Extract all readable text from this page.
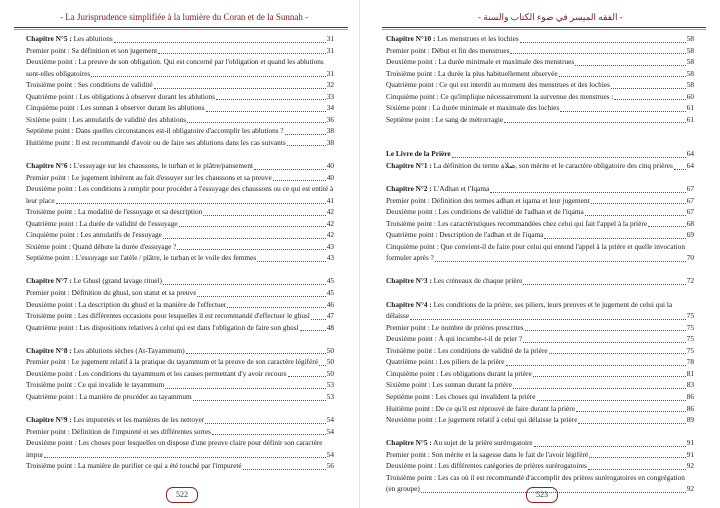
- La Jurisprudence simplifiée à la lumière du Coran et de la Sunnah -
Chapitre N°5 : Les ablutions	31
Premier point : Sa définition et son jugement	31
Deuxième point : La preuve de son obligation. Qui est concerné par l'obligation et quand les ablutions
sont-elles obligatoires	31
Troisième point : Ses conditions de validité	32
Quatrième point : Les obligations à observer durant les ablutions	33
Cinquième point : Les sunnan à observer durant les ablutions	34
Sixième point : Les annulatifs de validité des ablutions	36
Septième point : Dans quelles circonstances est-il obligatoire d'accomplir les ablutions ?	38
Huitième point : Il est recommandé d'avoir ou de faire ses ablutions dans les cas suivants	38
Chapitre N°6 : L'essuyage sur les chaussons, le turban et le plâtre/pansement	40
Premier point : Le jugement inhérent au fait d'essuyer sur les chaussons et sa preuve	40
Deuxième point : Les conditions à remplir pour procéder à l'essuyage des chaussons ou ce qui est entité à
leur place	41
Troisième point : La modalité de l'essuyage et sa description	42
Quatrième point : La durée de validité de l'essuyage	42
Cinquième point : Les annulatifs de l'essuyage	42
Sixième point : Quand débute la durée d'essuyage ?	43
Septième point : L'essuyage sur l'atèle / plâtre, le turban et le voile des femmes	43
Chapitre N°7 : Le Ghusl (grand lavage rituel)	45
Premier point : Définition du ghusl, son statut et sa preuve	45
Deuxième point : La description du ghusl et la manière de l'effectuer	46
Troisième point : Les différentes occasions pour lesquelles il est recommandé d'effectuer le ghusl 47
Quatrième point : Les dispositions relatives à celui qui est dans l'obligation de faire son ghusl	48
Chapitre N°8 : Les ablutions sèches (At-Tayammum)	50
Premier point : Le jugement relatif à la pratique du tayammum et la preuve de son caractère légiféré 50
Deuxième point : Les conditions du tayammum et les causes permettant d'y avoir recours	50
Troisième point : Ce qui invalide le tayammum	53
Quatrième point : La manière de procéder au tayammum	53
Chapitre N°9 : Les impuretés et les manières de les nettoyer	54
Premier point : Définition de l'impureté et ses différentes sortes	54
Deuxième point : Les choses pour lesquelles on dispose d'une preuve claire pour définir son caractère
impur	54
Troisième point : La manière de purifier ce qui a été touché par l'impureté	56
522
- الفقه الميسر في ضوء الكتاب والسنة -
Chapitre N°10 : Les menstrues et les lochies	58
Premier point : Début et fin des menstrues	58
Deuxième point : La durée minimale et maximale des menstrues	58
Troisième point : La durée la plus habituellement observée	58
Quatrième point : Ce qui est interdit au moment des menstrues et des lochies	58
Cinquième point : Ce qu'implique nécessairement la survenue des menstrues :	60
Sixième point : La durée minimale et maximale des lochies	61
Septième point : Le sang de métrorragie	61
Le Livre de la Prière	64
Chapitre N°1 : La définition du terme صلاة, son mérite et le caractère obligatoire des cinq prières 64
Chapitre N°2 : L'Adhan et l'Iqama	67
Premier point : Définition des termes adhan et iqama et leur jugement	67
Deuxième point : Les conditions de validité de l'adhan et de l'iqama	67
Troisième point : Les caractéristiques recommandées chez celui qui fait l'appel à la prière	68
Quatrième point : Description de l'adhan et de l'iqama	69
Cinquième point : Que convient-il de faire pour celui qui entend l'appel à la prière et quelle invocation
formuler après ?	70
Chapitre N°3 : Les créneaux de chaque prière	72
Chapitre N°4 : Les conditions de la prière, ses piliers, leurs preuves et le jugement de celui qui la
délaisse	75
Premier point : Le nombre de prières prescrites	75
Deuxième point : À qui incombe-t-il de prier ?	75
Troisième point : Les conditions de validité de la prière	75
Quatrième point : Les piliers de la prière	78
Cinquième point : Les obligations durant la prière	81
Sixième point : Les sunnan durant la prière	83
Septième point : Les choses qui invalident la prière	86
Huitième point : De ce qu'il est réprouvé de faire durant la prière	86
Neuvième point : Le jugement relatif à celui qui délaisse la prière	89
Chapitre N°5 : Au sujet de la prière surérogatoire	91
Premier point : Son mérite et la sagesse dans le fait de l'avoir légiféré	91
Deuxième point : Les différentes catégories de prières surérogatoires	92
Troisième point : Les cas où il est recommandé d'accomplir des prières surérogatoires en congrégation
(en groupe)	92
523
